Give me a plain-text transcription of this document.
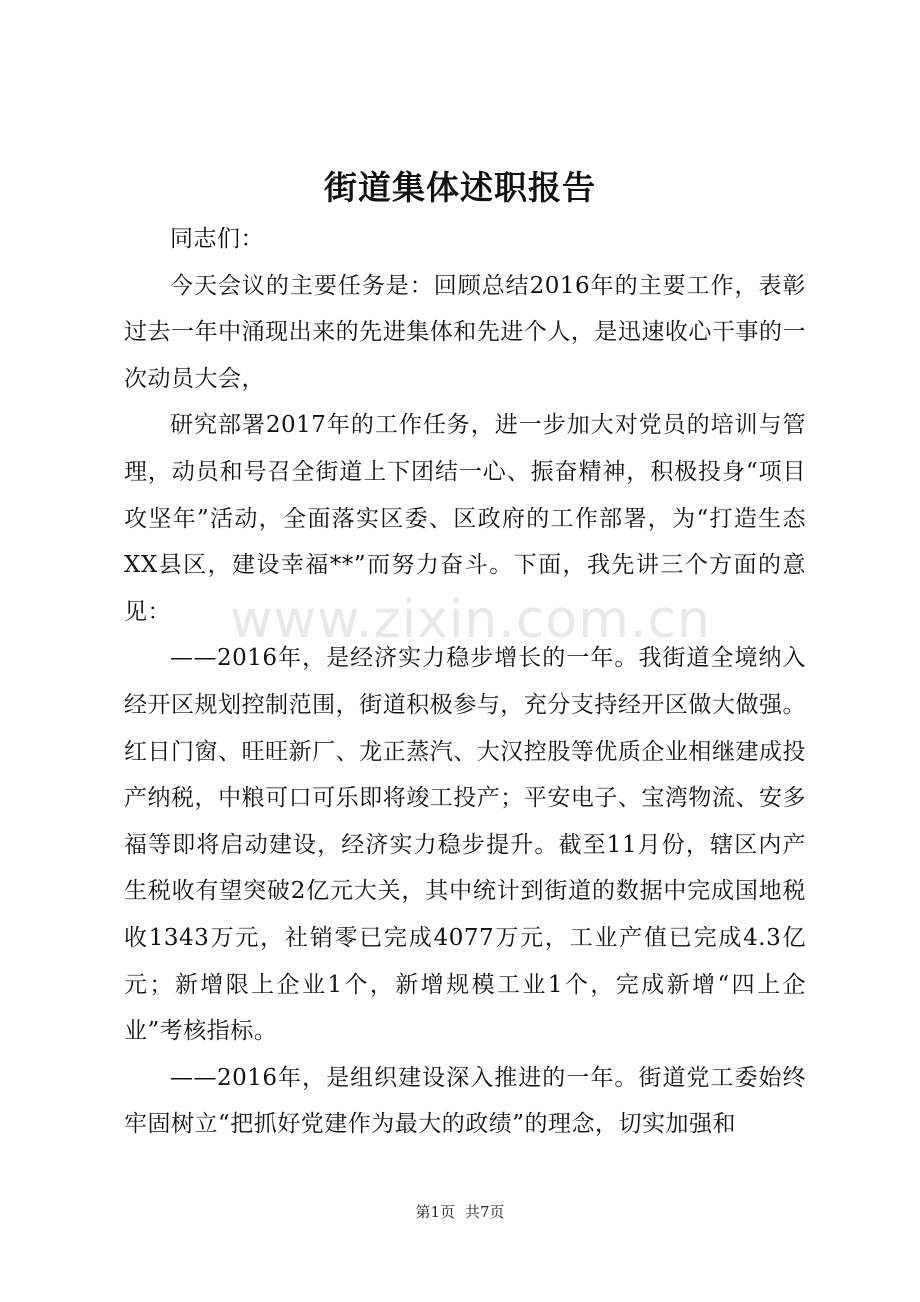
街道集体述职报告

同志们：

今天会议的主要任务是：回顾总结2016年的主要工作，表彰过去一年中涌现出来的先进集体和先进个人，是迅速收心干事的一次动员大会，

研究部署2017年的工作任务，进一步加大对党员的培训与管理，动员和号召全街道上下团结一心、振奋精神，积极投身“项目攻坚年”活动，全面落实区委、区政府的工作部署，为“打造生态XX县区，建设幸福**”而努力奋斗。下面，我先讲三个方面的意见：

——2016年，是经济实力稳步增长的一年。我街道全境纳入经开区规划控制范围，街道积极参与，充分支持经开区做大做强。红日门窗、旺旺新厂、龙正蒸汽、大汉控股等优质企业相继建成投产纳税，中粮可口可乐即将竣工投产；平安电子、宝湾物流、安多福等即将启动建设，经济实力稳步提升。截至11月份，辖区内产生税收有望突破2亿元大关，其中统计到街道的数据中完成国地税收1343万元，社销零已完成4077万元，工业产值已完成4.3亿元；新增限上企业1个，新增规模工业1个，完成新增“四上企业”考核指标。

——2016年，是组织建设深入推进的一年。街道党工委始终牢固树立“把抓好党建作为最大的政绩”的理念，切实加强和

www.zixin.com.cn
第1页 共7页
